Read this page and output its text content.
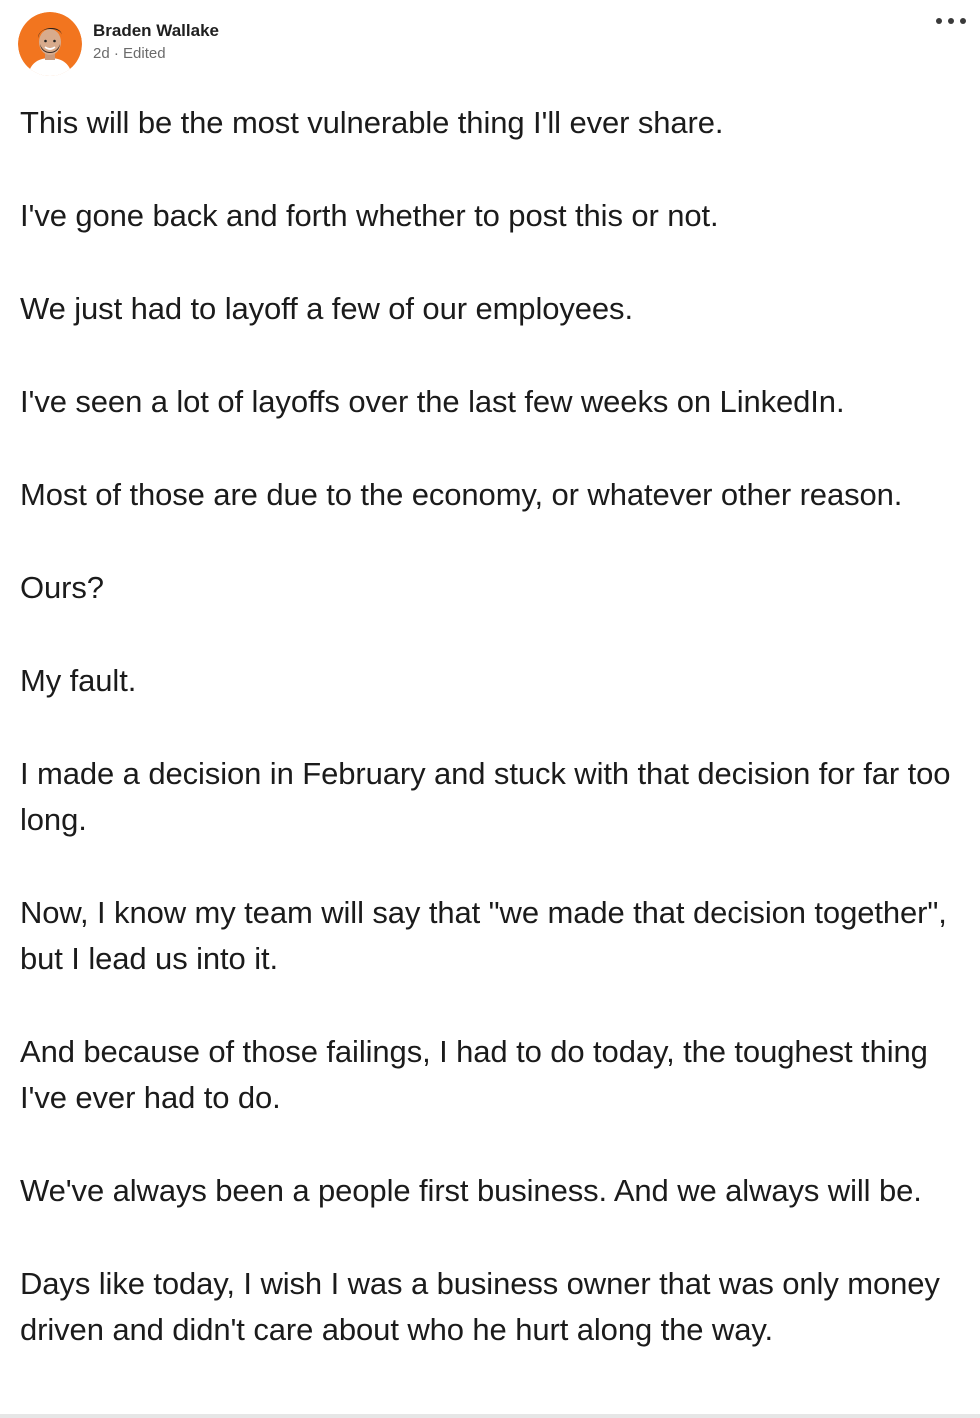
Braden Wallake
2d · Edited

This will be the most vulnerable thing I'll ever share.

I've gone back and forth whether to post this or not.

We just had to layoff a few of our employees.

I've seen a lot of layoffs over the last few weeks on LinkedIn.

Most of those are due to the economy, or whatever other reason.

Ours?

My fault.

I made a decision in February and stuck with that decision for far too long.

Now, I know my team will say that "we made that decision together", but I lead us into it.

And because of those failings, I had to do today, the toughest thing I've ever had to do.

We've always been a people first business. And we always will be.

Days like today, I wish I was a business owner that was only money driven and didn't care about who he hurt along the way.
